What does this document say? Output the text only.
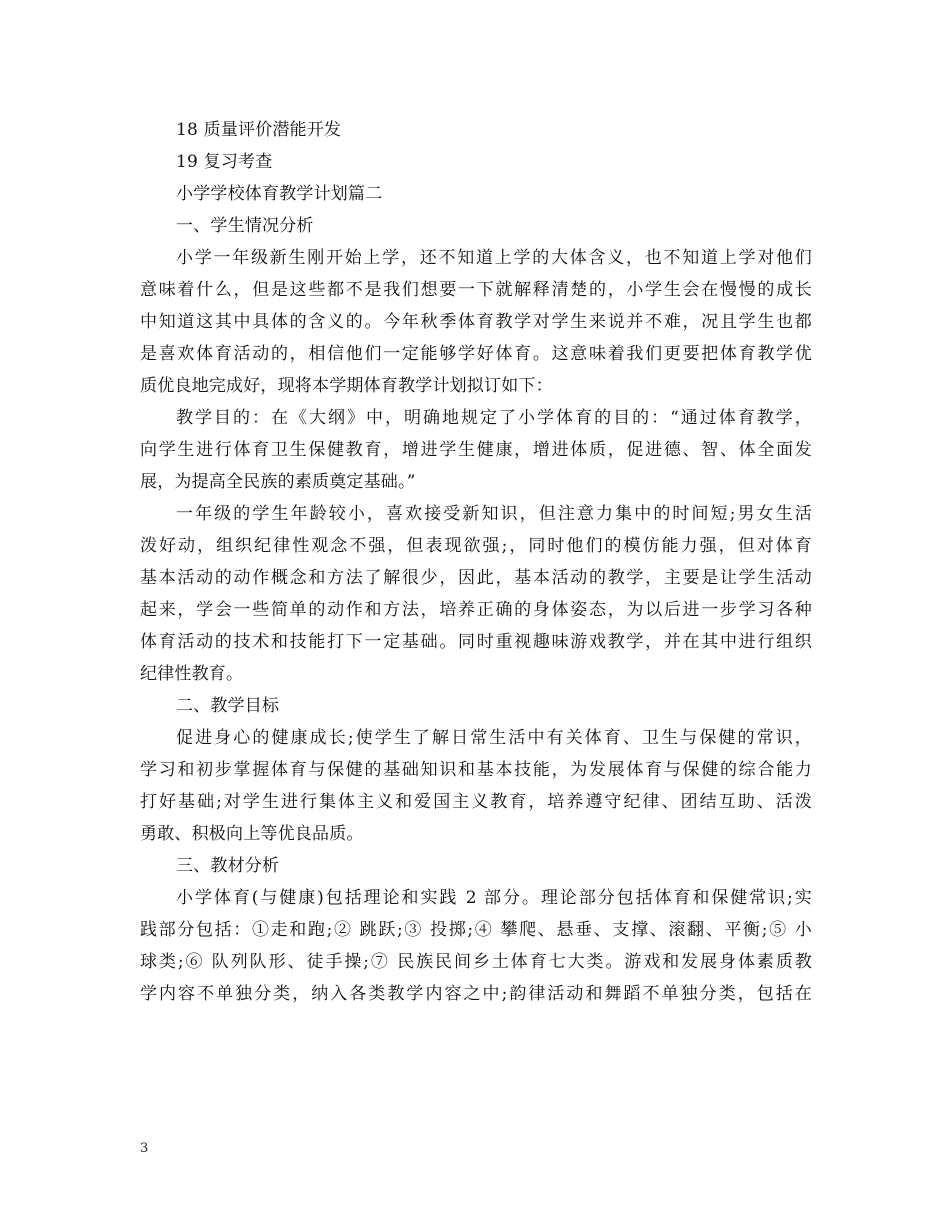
18 质量评价潜能开发
19 复习考查
小学学校体育教学计划篇二
一、学生情况分析
小学一年级新生刚开始上学，还不知道上学的大体含义，也不知道上学对他们
意味着什么，但是这些都不是我们想要一下就解释清楚的，小学生会在慢慢的成长
中知道这其中具体的含义的。今年秋季体育教学对学生来说并不难，况且学生也都
是喜欢体育活动的，相信他们一定能够学好体育。这意味着我们更要把体育教学优
质优良地完成好，现将本学期体育教学计划拟订如下：
教学目的：在《大纲》中，明确地规定了小学体育的目的：“通过体育教学，
向学生进行体育卫生保健教育，增进学生健康，增进体质，促进德、智、体全面发
展，为提高全民族的素质奠定基础。”
一年级的学生年龄较小，喜欢接受新知识，但注意力集中的时间短;男女生活
泼好动，组织纪律性观念不强，但表现欲强;，同时他们的模仿能力强，但对体育
基本活动的动作概念和方法了解很少，因此，基本活动的教学，主要是让学生活动
起来，学会一些简单的动作和方法，培养正确的身体姿态，为以后进一步学习各种
体育活动的技术和技能打下一定基础。同时重视趣味游戏教学，并在其中进行组织
纪律性教育。
二、教学目标
促进身心的健康成长;使学生了解日常生活中有关体育、卫生与保健的常识，
学习和初步掌握体育与保健的基础知识和基本技能，为发展体育与保健的综合能力
打好基础;对学生进行集体主义和爱国主义教育，培养遵守纪律、团结互助、活泼
勇敢、积极向上等优良品质。
三、教材分析
小学体育(与健康)包括理论和实践 2 部分。理论部分包括体育和保健常识;实
践部分包括：①走和跑;② 跳跃;③ 投掷;④ 攀爬、悬垂、支撑、滚翻、平衡;⑤ 小
球类;⑥ 队列队形、徒手操;⑦ 民族民间乡土体育七大类。游戏和发展身体素质教
学内容不单独分类，纳入各类教学内容之中;韵律活动和舞蹈不单独分类，包括在
3
